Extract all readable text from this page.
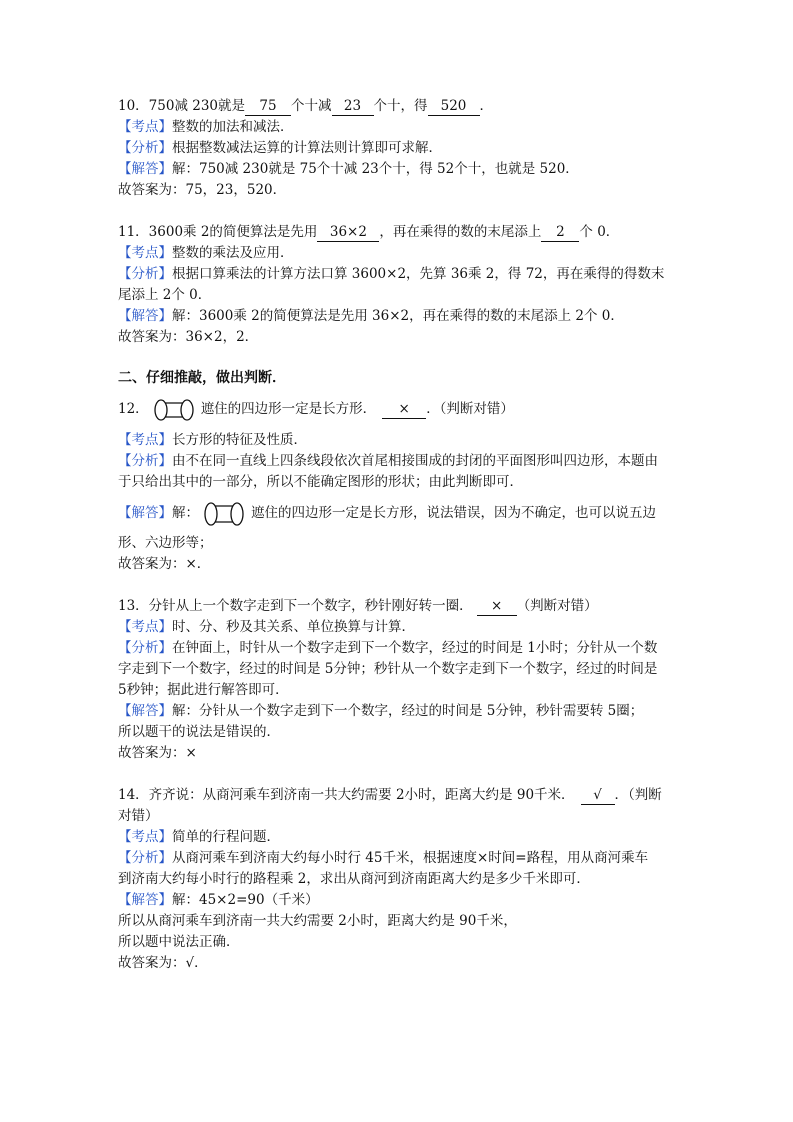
10．750减 230就是 75 个十减 23 个十，得 520 ．
【考点】整数的加法和减法．
【分析】根据整数减法运算的计算法则计算即可求解．
【解答】解：750减 230就是 75个十减 23个十，得 52个十，也就是 520．
故答案为：75，23，520．
11．3600乘 2的简便算法是先用 36×2 ，再在乘得的数的末尾添上 2 个 0．
【考点】整数的乘法及应用．
【分析】根据口算乘法的计算方法口算 3600×2，先算 36乘 2，得 72，再在乘得的得数末
尾添上 2个 0．
【解答】解：3600乘 2的简便算法是先用 36×2，再在乘得的数的末尾添上 2个 0．
故答案为：36×2，2．
二、仔细推敲，做出判断．
12．	遮住的四边形一定是长方形． × ．（判断对错）
【考点】长方形的特征及性质．
【分析】由不在同一直线上四条线段依次首尾相接围成的封闭的平面图形叫四边形，本题由
于只给出其中的一部分，所以不能确定图形的形状；由此判断即可．
【解答】解：	遮住的四边形一定是长方形，说法错误，因为不确定，也可以说五边
形、六边形等；
故答案为：×．
13．分针从上一个数字走到下一个数字，秒针刚好转一圈． × （判断对错）
【考点】时、分、秒及其关系、单位换算与计算．
【分析】在钟面上，时针从一个数字走到下一个数字，经过的时间是 1小时；分针从一个数
字走到下一个数字，经过的时间是 5分钟；秒针从一个数字走到下一个数字，经过的时间是
5秒钟；据此进行解答即可．
【解答】解：分针从一个数字走到下一个数字，经过的时间是 5分钟，秒针需要转 5圈；
所以题干的说法是错误的．
故答案为：×
14．齐齐说：从商河乘车到济南一共大约需要 2小时，距离大约是 90千米． √ ．（判断
对错）
【考点】简单的行程问题．
【分析】从商河乘车到济南大约每小时行 45千米，根据速度×时间=路程，用从商河乘车
到济南大约每小时行的路程乘 2，求出从商河到济南距离大约是多少千米即可．
【解答】解：45×2=90（千米）
所以从商河乘车到济南一共大约需要 2小时，距离大约是 90千米，
所以题中说法正确．
故答案为：√．
